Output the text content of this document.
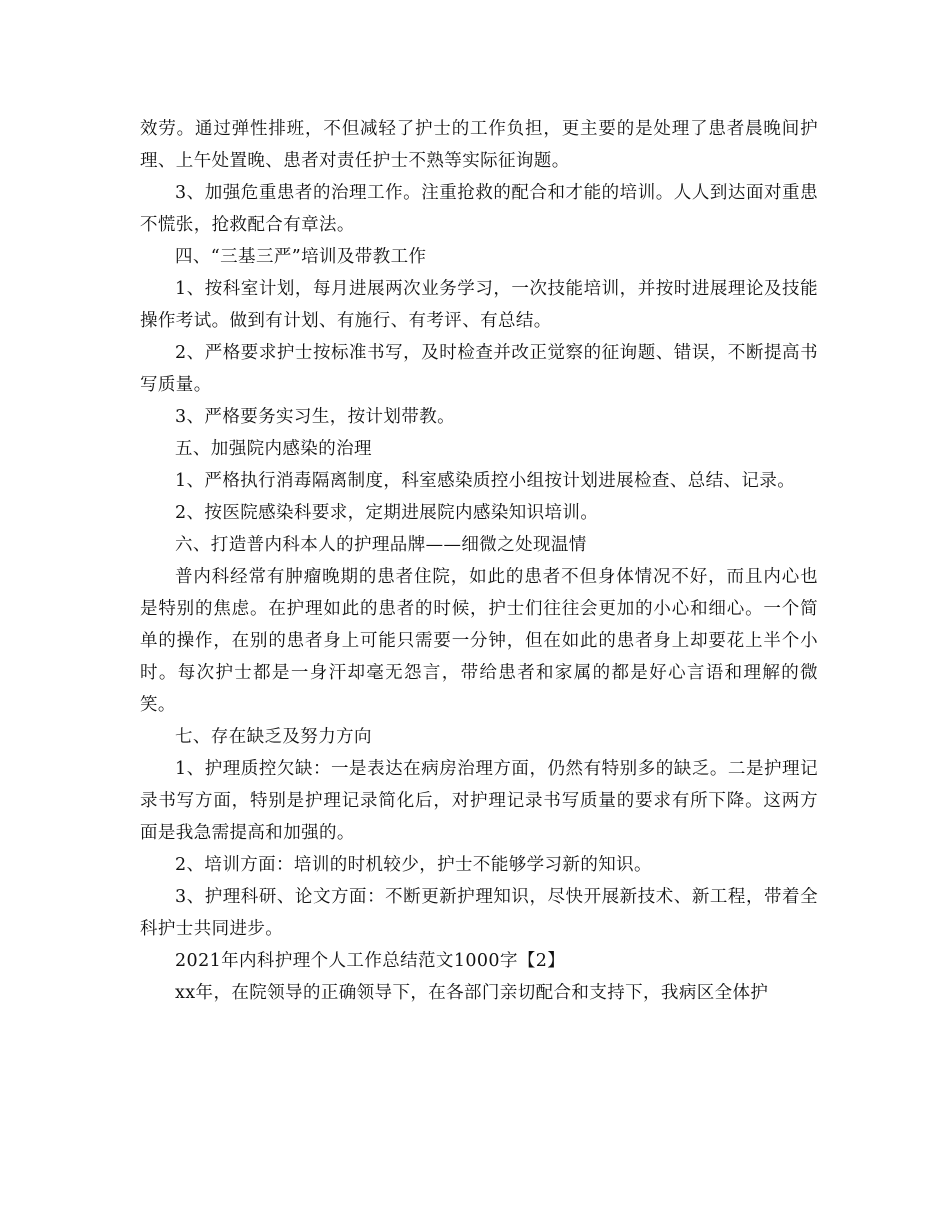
效劳。通过弹性排班，不但减轻了护士的工作负担，更主要的是处理了患者晨晚间护理、上午处置晚、患者对责任护士不熟等实际征询题。

3、加强危重患者的治理工作。注重抢救的配合和才能的培训。人人到达面对重患不慌张，抢救配合有章法。

四、“三基三严”培训及带教工作

1、按科室计划，每月进展两次业务学习，一次技能培训，并按时进展理论及技能操作考试。做到有计划、有施行、有考评、有总结。

2、严格要求护士按标准书写，及时检查并改正觉察的征询题、错误，不断提高书写质量。

3、严格要务实习生，按计划带教。

五、加强院内感染的治理

1、严格执行消毒隔离制度，科室感染质控小组按计划进展检查、总结、记录。

2、按医院感染科要求，定期进展院内感染知识培训。

六、打造普内科本人的护理品牌——细微之处现温情

普内科经常有肿瘤晚期的患者住院，如此的患者不但身体情况不好，而且内心也是特别的焦虑。在护理如此的患者的时候，护士们往往会更加的小心和细心。一个简单的操作，在别的患者身上可能只需要一分钟，但在如此的患者身上却要花上半个小时。每次护士都是一身汗却毫无怨言，带给患者和家属的都是好心言语和理解的微笑。

七、存在缺乏及努力方向

1、护理质控欠缺：一是表达在病房治理方面，仍然有特别多的缺乏。二是护理记录书写方面，特别是护理记录简化后，对护理记录书写质量的要求有所下降。这两方面是我急需提高和加强的。

2、培训方面：培训的时机较少，护士不能够学习新的知识。

3、护理科研、论文方面：不断更新护理知识，尽快开展新技术、新工程，带着全科护士共同进步。

2021年内科护理个人工作总结范文1000字【2】

xx年，在院领导的正确领导下，在各部门亲切配合和支持下，我病区全体护
